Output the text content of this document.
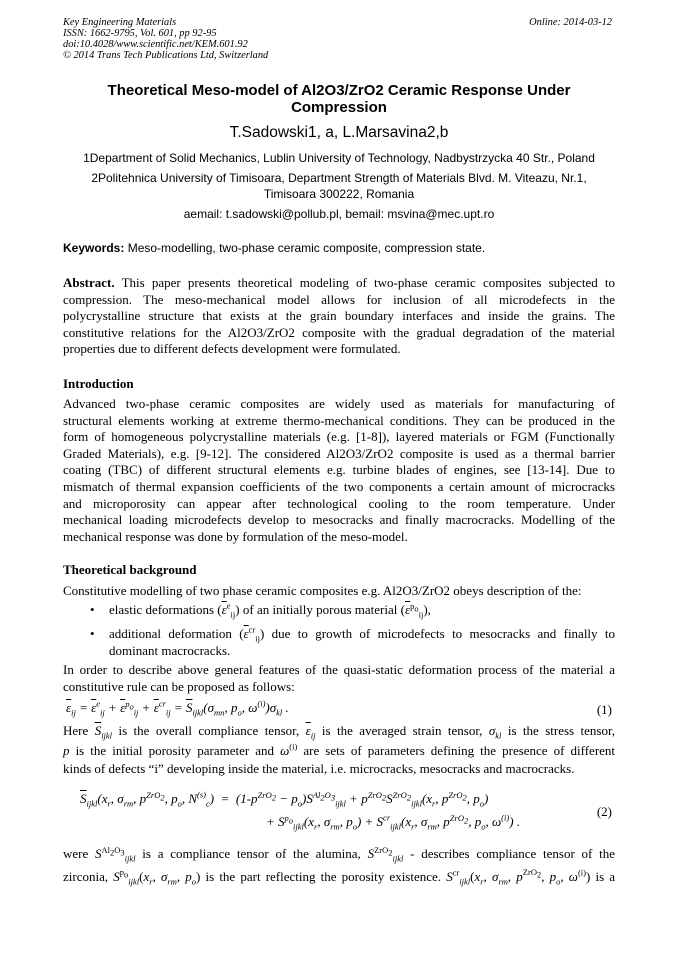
Key Engineering Materials
ISSN: 1662-9795, Vol. 601, pp 92-95
doi:10.4028/www.scientific.net/KEM.601.92
© 2014 Trans Tech Publications Ltd, Switzerland
Online: 2014-03-12
Theoretical Meso-model of Al2O3/ZrO2 Ceramic Response Under
Compression
T.Sadowski1, a, L.Marsavina2,b
1Department of Solid Mechanics, Lublin University of Technology, Nadbystrzycka 40 Str., Poland
2Politehnica University of Timisoara, Department Strength of Materials Blvd. M. Viteazu, Nr.1,
Timisoara 300222, Romania
aemail: t.sadowski@pollub.pl, bemail: msvina@mec.upt.ro
Keywords: Meso-modelling, two-phase ceramic composite, compression state.
Abstract. This paper presents theoretical modeling of two-phase ceramic composites subjected to
compression. The meso-mechanical model allows for inclusion of all microdefects in the
polycrystalline structure that exists at the grain boundary interfaces and inside the grains. The
constitutive relations for the Al2O3/ZrO2 composite with the gradual degradation of the material
properties due to different defects development were formulated.
Introduction
Advanced two-phase ceramic composites are widely used as materials for manufacturing of
structural elements working at extreme thermo-mechanical conditions. They can be produced in the
form of homogeneous polycrystalline materials (e.g. [1-8]), layered materials or FGM (Functionally
Graded Materials), e.g. [9-12]. The considered Al2O3/ZrO2 composite is used as a thermal barrier
coating (TBC) of different structural elements e.g. turbine blades of engines, see [13-14]. Due to
mismatch of thermal expansion coefficients of the two components a certain amount of microcracks
and microporosity can appear after technological cooling to the room temperature. Under
mechanical loading microdefects develop to mesocracks and finally macrocracks. Modelling of the
mechanical response was done by formulation of the meso-model.
Theoretical background
Constitutive modelling of two phase ceramic composites e.g. Al2O3/ZrO2 obeys description of the:
• elastic deformations $(\overline{\varepsilon}^e_{ij})$ of an initially porous material $(\overline{\varepsilon}^{p_o}_{ij})$,
• additional deformation $(\overline{\varepsilon}^{cr}_{ij})$ due to growth of microdefects to mesocracks and finally to
dominant macrocracks.
In order to describe above general features of the quasi-static deformation process of the material a
constitutive rule can be proposed as follows:
$\overline{\varepsilon}_{ij} = \overline{\varepsilon}^e_{ij} + \overline{\varepsilon}^{p_o}_{ij} + \overline{\varepsilon}^{cr}_{ij} = \overline{S}_{ijkl}(\sigma_{mn}$, $p_o$, $\omega^{(i)})\sigma_{kl}$ .	(1)
Here $\overline{S}_{ijkl}$ is the overall compliance tensor, $\overline{\varepsilon}_{ij}$ is the averaged strain tensor, $\sigma_{kl}$ is the stress tensor,
p is the initial porosity parameter and $\omega^{(i)}$ are sets of parameters defining the presence of different
kinds of defects “i” developing inside the material, i.e. microcracks, mesocracks and macrocracks.
$\overline{S}_{ijkl}(x_r$, $\sigma_{rm}$, $p^{ZrO_2}$, $p_o$, $N^{(s)}_c) = (1-p^{ZrO_2} - p_o)S^{Al_2O_3}_{ijkl} + p^{ZrO_2}S^{ZrO_2}_{ijkl}(x_r$, $p^{ZrO_2}$, $p_o$)
+ $S^{p_o}_{ijkl}(x_r$, $\sigma_{rm}$, $p_o) + S^{cr}_{ijkl}(x_r$, $\sigma_{rm}$, $p^{ZrO_2}$, $p_o$, $\omega^{(i)}$) .
(2)
were $S^{Al_2O_3}_{ijkl}$ is a compliance tensor of the alumina, $S^{ZrO_2}_{ijkl}$ - describes compliance tensor of the
zirconia, $S^{p_o}_{ijkl}(x_r$, $\sigma_{rm}$, $p_o$) is the part reflecting the porosity existence. $S^{cr}_{ijkl}(x_r$, $\sigma_{rm}$, $p^{ZrO_2}$, $p_o$, $\omega^{(i)}$) is a
